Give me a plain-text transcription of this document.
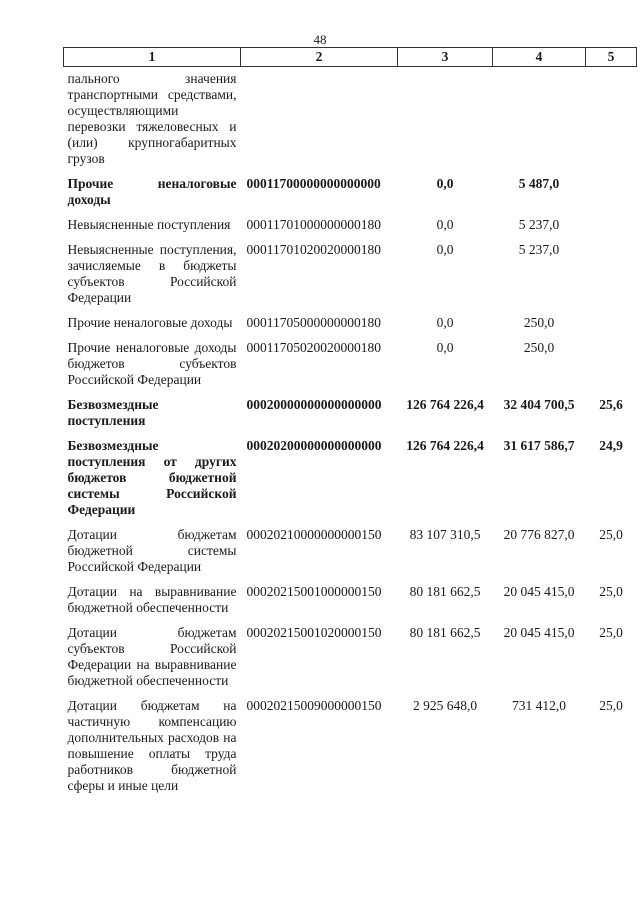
48
1	2	3	4	5
пального значения транспортными средствами, осуществляющими перевозки тяжеловесных и (или) крупногабаритных грузов				
Прочие неналоговые доходы	00011700000000000000	0,0	5 487,0	
Невыясненные поступления	00011701000000000180	0,0	5 237,0	
Невыясненные поступления, зачисляемые в бюджеты субъектов Российской Федерации	00011701020020000180	0,0	5 237,0	
Прочие неналоговые доходы	00011705000000000180	0,0	250,0	
Прочие неналоговые доходы бюджетов субъектов Российской Федерации	00011705020020000180	0,0	250,0	
Безвозмездные поступления	00020000000000000000	126 764 226,4	32 404 700,5	25,6
Безвозмездные поступления от других бюджетов бюджетной системы Российской Федерации	00020200000000000000	126 764 226,4	31 617 586,7	24,9
Дотации бюджетам бюджетной системы Российской Федерации	00020210000000000150	83 107 310,5	20 776 827,0	25,0
Дотации на выравнивание бюджетной обеспеченности	00020215001000000150	80 181 662,5	20 045 415,0	25,0
Дотации бюджетам субъектов Российской Федерации на выравнивание бюджетной обеспеченности	00020215001020000150	80 181 662,5	20 045 415,0	25,0
Дотации бюджетам на частичную компенсацию дополнительных расходов на повышение оплаты труда работников бюджетной сферы и иные цели	00020215009000000150	2 925 648,0	731 412,0	25,0
